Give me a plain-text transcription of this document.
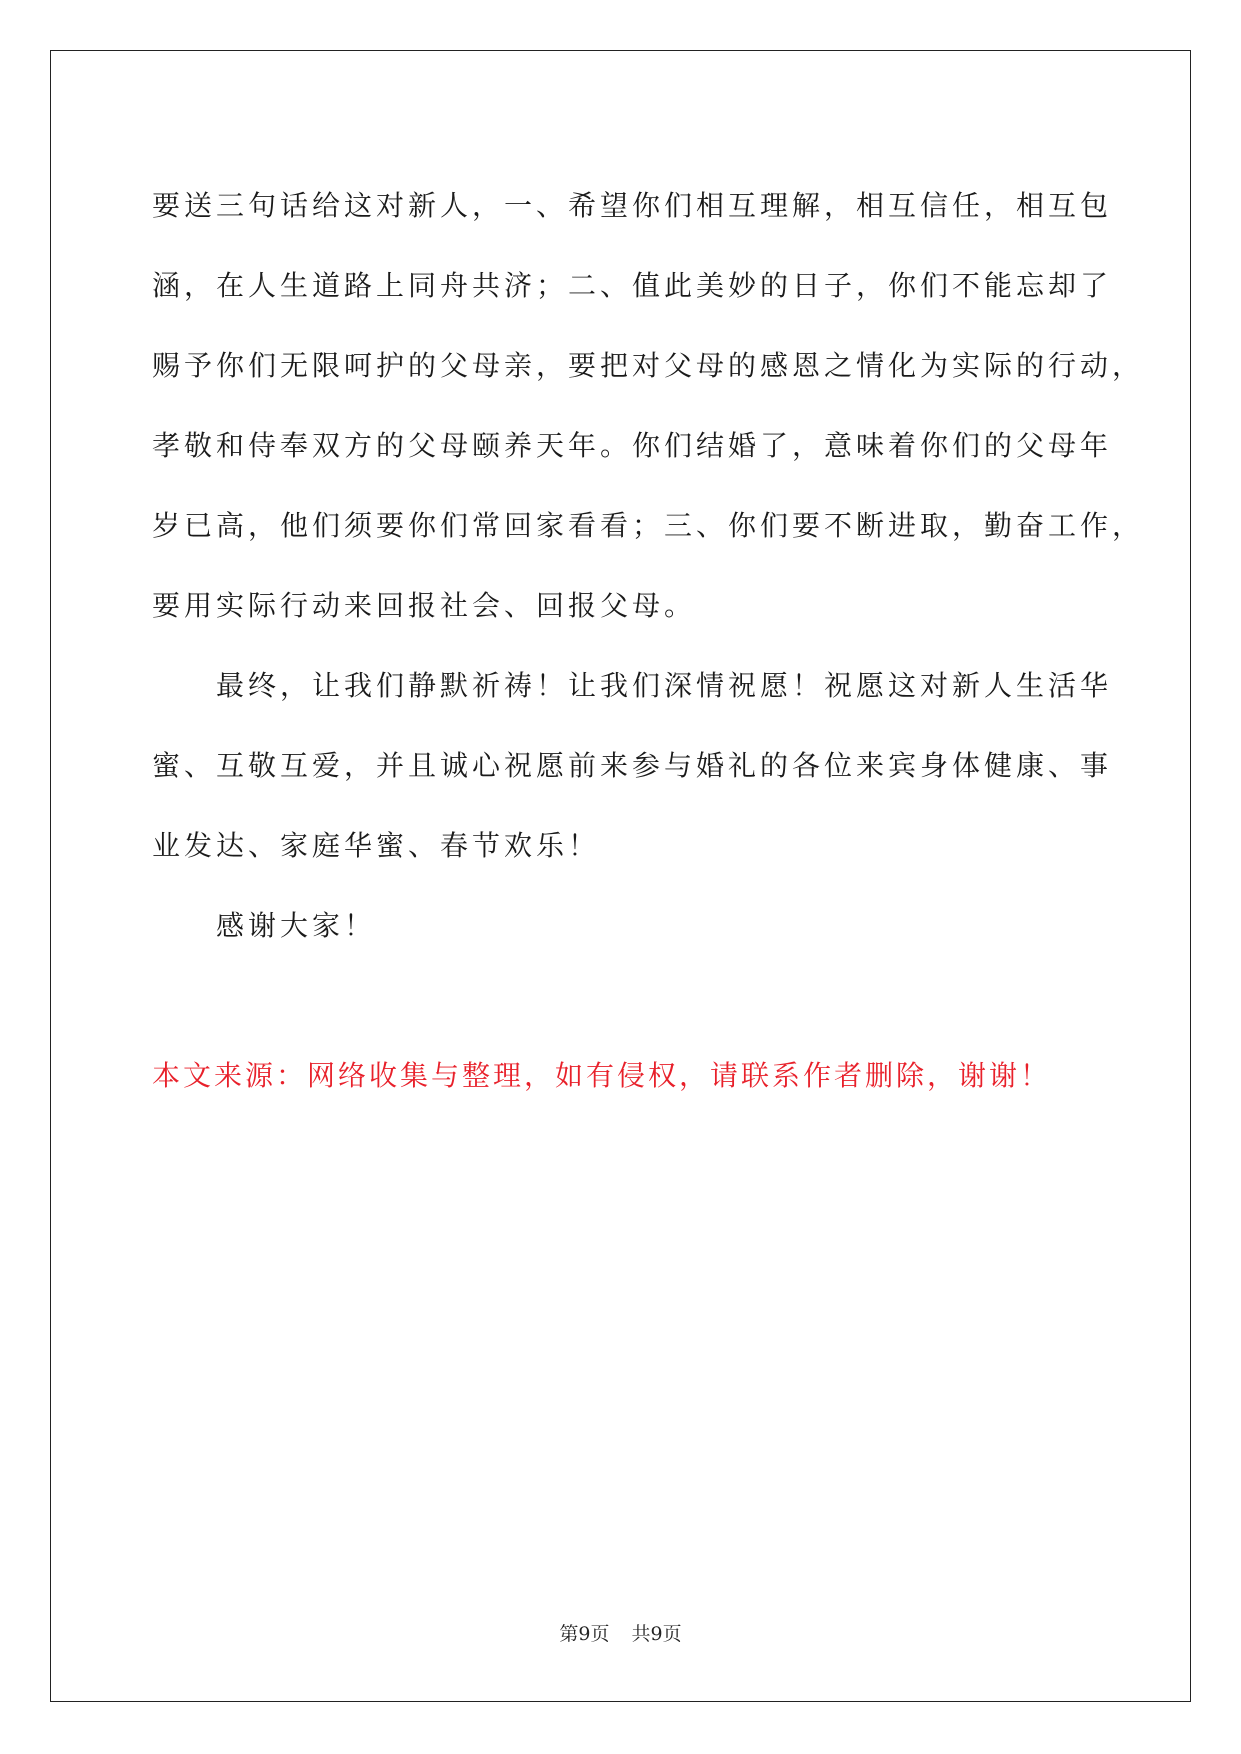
要送三句话给这对新人，一、希望你们相互理解，相互信任，相互包
涵，在人生道路上同舟共济；二、值此美妙的日子，你们不能忘却了
赐予你们无限呵护的父母亲，要把对父母的感恩之情化为实际的行动，
孝敬和侍奉双方的父母颐养天年。你们结婚了，意味着你们的父母年
岁已高，他们须要你们常回家看看；三、你们要不断进取，勤奋工作，
要用实际行动来回报社会、回报父母。

最终，让我们静默祈祷！让我们深情祝愿！祝愿这对新人生活华
蜜、互敬互爱，并且诚心祝愿前来参与婚礼的各位来宾身体健康、事
业发达、家庭华蜜、春节欢乐！

感谢大家！

本文来源：网络收集与整理，如有侵权，请联系作者删除，谢谢！
第9页 共9页
